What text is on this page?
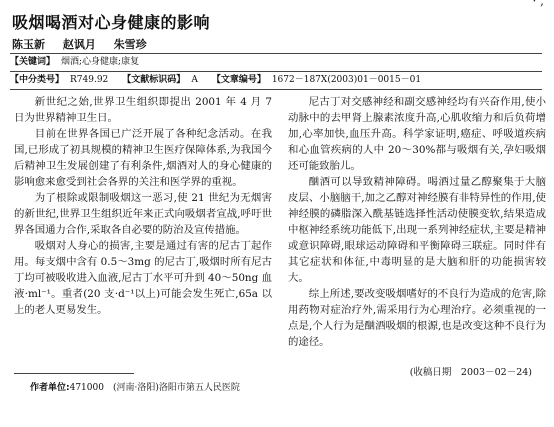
· ,
吸烟喝酒对心身健康的影响
陈玉新 赵讽月 朱雪珍
【关键词】 烟酒;心身健康;康复
【中分类号】 R749.92 【文献标识码】 A 【文章编号】 1672－187X(2003)01－0015－01

新世纪之始,世界卫生组织即提出 2001 年 4 月 7 日为世界精神卫生日。

目前在世界各国已广泛开展了各种纪念活动。在我国,已形成了初具规模的精神卫生医疗保障体系,为我国今后精神卫生发展创建了有利条件,烟酒对人的身心健康的影响愈来愈受到社会各界的关注和医学界的重视。

为了根除或限制吸烟这一恶习,使 21 世纪为无烟害的新世纪,世界卫生组织近年来正式向吸烟者宣战,呼吁世界各国通力合作,采取各自必要的防治及宣传措施。

吸烟对人身心的损害,主要是通过有害的尼古丁起作用。每支烟中含有 0.5～3mg 的尼古丁,吸烟时所有尼古丁均可被吸收进入血液,尼古丁水平可升到 40～50ng 血液·ml⁻¹。重者(20 支·d⁻¹以上)可能会发生死亡,65a 以上的老人更易发生。

尼古丁对交感神经和副交感神经均有兴奋作用,使小动脉中的去甲肾上腺素浓度升高,心肌收缩力和后负荷增加,心率加快,血压升高。科学家证明,癌症、呼吸道疾病和心血管疾病的人中 20～30%都与吸烟有关,孕妇吸烟还可能致胎儿。

酗酒可以导致精神障碍。喝酒过量乙醇聚集于大脑皮层、小脑脑干,加之乙醇对神经膜有非特异性的作用,使神经膜的磷脂深入酰基链选择性活动使膜变软,结果造成中枢神经系统功能低下,出现一系列神经症状,主要是精神或意识障碍,眼球运动障碍和平衡障碍三联症。同时伴有其它症状和体征,中毒明显的是大脑和肝的功能损害较大。

综上所述,要改变吸烟嗜好的不良行为造成的危害,除用药物对症治疗外,需采用行为心理治疗。必须重视的一点是,个人行为是酗酒吸烟的根源,也是改变这种不良行为的途径。

(收稿日期　2003－02－24)
作者单位:471000　(河南·洛阳)洛阳市第五人民医院
